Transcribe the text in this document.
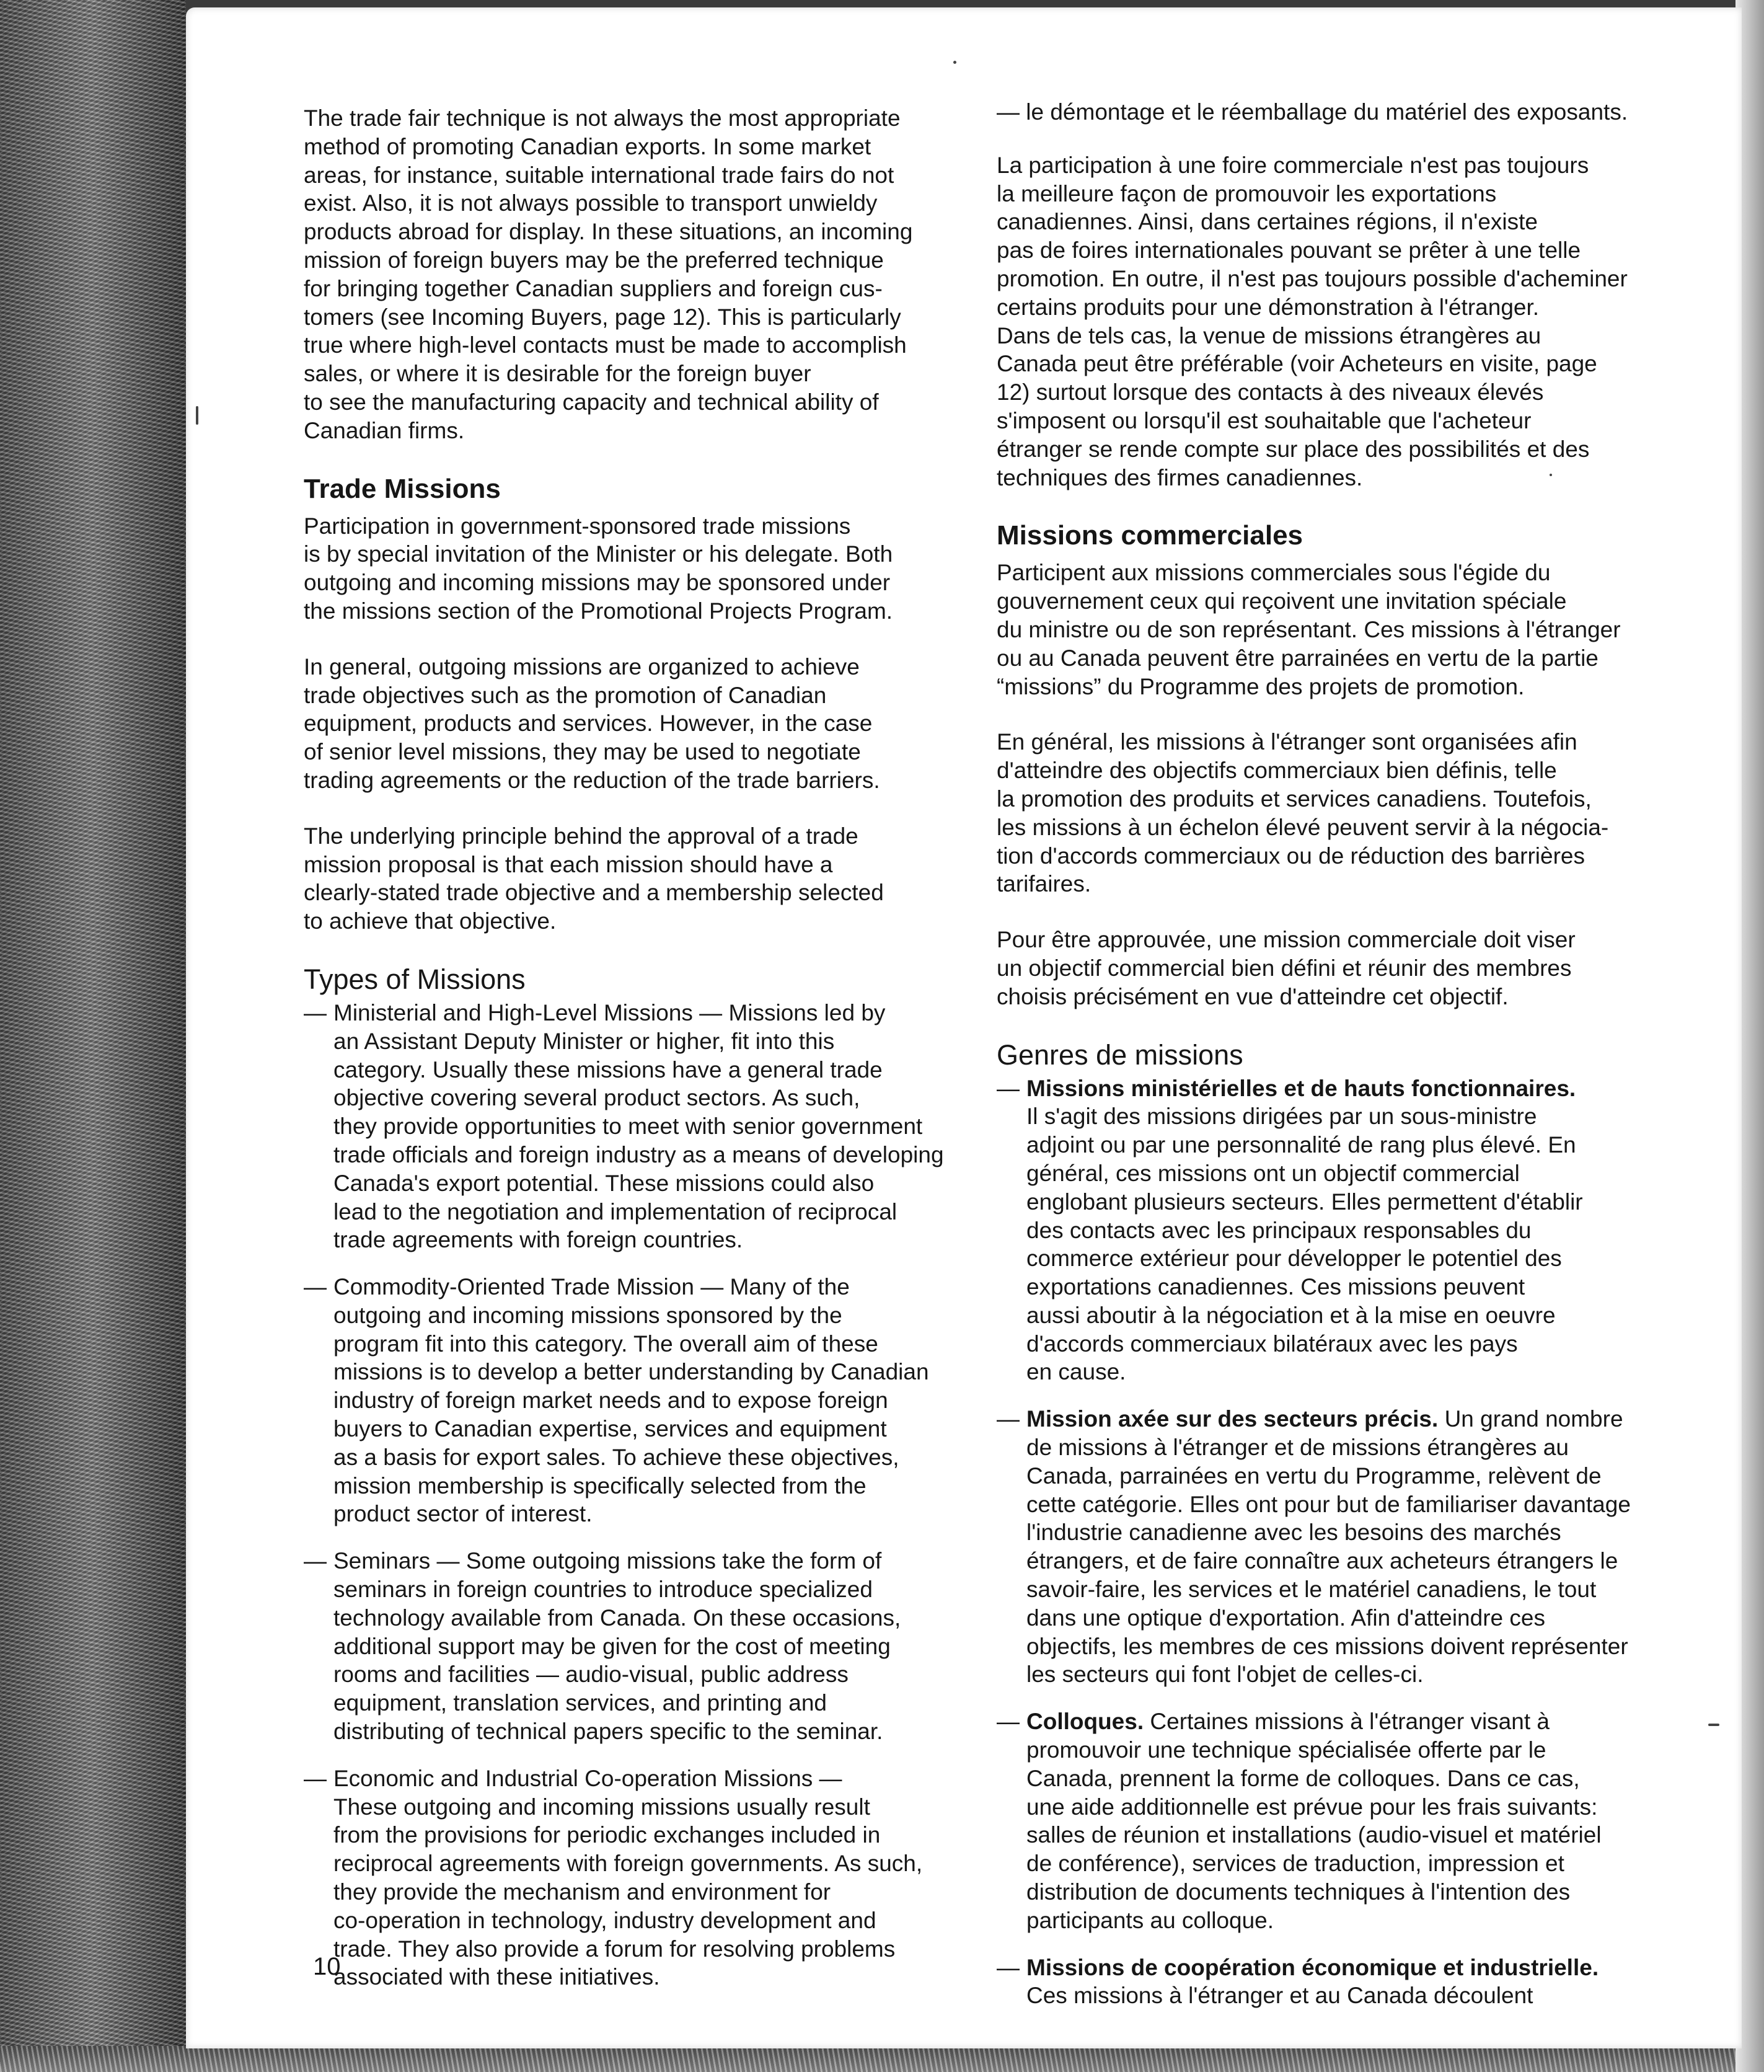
The trade fair technique is not always the most appropriate
method of promoting Canadian exports. In some market
areas, for instance, suitable international trade fairs do not
exist. Also, it is not always possible to transport unwieldy
products abroad for display. In these situations, an incoming
mission of foreign buyers may be the preferred technique
for bringing together Canadian suppliers and foreign cus-
tomers (see Incoming Buyers, page 12). This is particularly
true where high-level contacts must be made to accomplish
sales, or where it is desirable for the foreign buyer
to see the manufacturing capacity and technical ability of
Canadian firms.

Trade Missions

Participation in government-sponsored trade missions
is by special invitation of the Minister or his delegate. Both
outgoing and incoming missions may be sponsored under
the missions section of the Promotional Projects Program.

In general, outgoing missions are organized to achieve
trade objectives such as the promotion of Canadian
equipment, products and services. However, in the case
of senior level missions, they may be used to negotiate
trading agreements or the reduction of the trade barriers.

The underlying principle behind the approval of a trade
mission proposal is that each mission should have a
clearly-stated trade objective and a membership selected
to achieve that objective.

Types of Missions
— Ministerial and High-Level Missions — Missions led by
an Assistant Deputy Minister or higher, fit into this
category. Usually these missions have a general trade
objective covering several product sectors. As such,
they provide opportunities to meet with senior government
trade officials and foreign industry as a means of developing
Canada's export potential. These missions could also
lead to the negotiation and implementation of reciprocal
trade agreements with foreign countries.
— Commodity-Oriented Trade Mission — Many of the
outgoing and incoming missions sponsored by the
program fit into this category. The overall aim of these
missions is to develop a better understanding by Canadian
industry of foreign market needs and to expose foreign
buyers to Canadian expertise, services and equipment
as a basis for export sales. To achieve these objectives,
mission membership is specifically selected from the
product sector of interest.
— Seminars — Some outgoing missions take the form of
seminars in foreign countries to introduce specialized
technology available from Canada. On these occasions,
additional support may be given for the cost of meeting
rooms and facilities — audio-visual, public address
equipment, translation services, and printing and
distributing of technical papers specific to the seminar.
— Economic and Industrial Co-operation Missions —
These outgoing and incoming missions usually result
from the provisions for periodic exchanges included in
reciprocal agreements with foreign governments. As such,
they provide the mechanism and environment for
co-operation in technology, industry development and
trade. They also provide a forum for resolving problems
associated with these initiatives.

— le démontage et le réemballage du matériel des exposants.

La participation à une foire commerciale n'est pas toujours
la meilleure façon de promouvoir les exportations
canadiennes. Ainsi, dans certaines régions, il n'existe
pas de foires internationales pouvant se prêter à une telle
promotion. En outre, il n'est pas toujours possible d'acheminer
certains produits pour une démonstration à l'étranger.
Dans de tels cas, la venue de missions étrangères au
Canada peut être préférable (voir Acheteurs en visite, page
12) surtout lorsque des contacts à des niveaux élevés
s'imposent ou lorsqu'il est souhaitable que l'acheteur
étranger se rende compte sur place des possibilités et des
techniques des firmes canadiennes.

Missions commerciales

Participent aux missions commerciales sous l'égide du
gouvernement ceux qui reçoivent une invitation spéciale
du ministre ou de son représentant. Ces missions à l'étranger
ou au Canada peuvent être parrainées en vertu de la partie
“missions” du Programme des projets de promotion.

En général, les missions à l'étranger sont organisées afin
d'atteindre des objectifs commerciaux bien définis, telle
la promotion des produits et services canadiens. Toutefois,
les missions à un échelon élevé peuvent servir à la négocia-
tion d'accords commerciaux ou de réduction des barrières
tarifaires.

Pour être approuvée, une mission commerciale doit viser
un objectif commercial bien défini et réunir des membres
choisis précisément en vue d'atteindre cet objectif.

Genres de missions
— Missions ministérielles et de hauts fonctionnaires.
Il s'agit des missions dirigées par un sous-ministre
adjoint ou par une personnalité de rang plus élevé. En
général, ces missions ont un objectif commercial
englobant plusieurs secteurs. Elles permettent d'établir
des contacts avec les principaux responsables du
commerce extérieur pour développer le potentiel des
exportations canadiennes. Ces missions peuvent
aussi aboutir à la négociation et à la mise en oeuvre
d'accords commerciaux bilatéraux avec les pays
en cause.
— Mission axée sur des secteurs précis. Un grand nombre
de missions à l'étranger et de missions étrangères au
Canada, parrainées en vertu du Programme, relèvent de
cette catégorie. Elles ont pour but de familiariser davantage
l'industrie canadienne avec les besoins des marchés
étrangers, et de faire connaître aux acheteurs étrangers le
savoir-faire, les services et le matériel canadiens, le tout
dans une optique d'exportation. Afin d'atteindre ces
objectifs, les membres de ces missions doivent représenter
les secteurs qui font l'objet de celles-ci.
— Colloques. Certaines missions à l'étranger visant à
promouvoir une technique spécialisée offerte par le
Canada, prennent la forme de colloques. Dans ce cas,
une aide additionnelle est prévue pour les frais suivants:
salles de réunion et installations (audio-visuel et matériel
de conférence), services de traduction, impression et
distribution de documents techniques à l'intention des
participants au colloque.
— Missions de coopération économique et industrielle.
Ces missions à l'étranger et au Canada découlent
10
